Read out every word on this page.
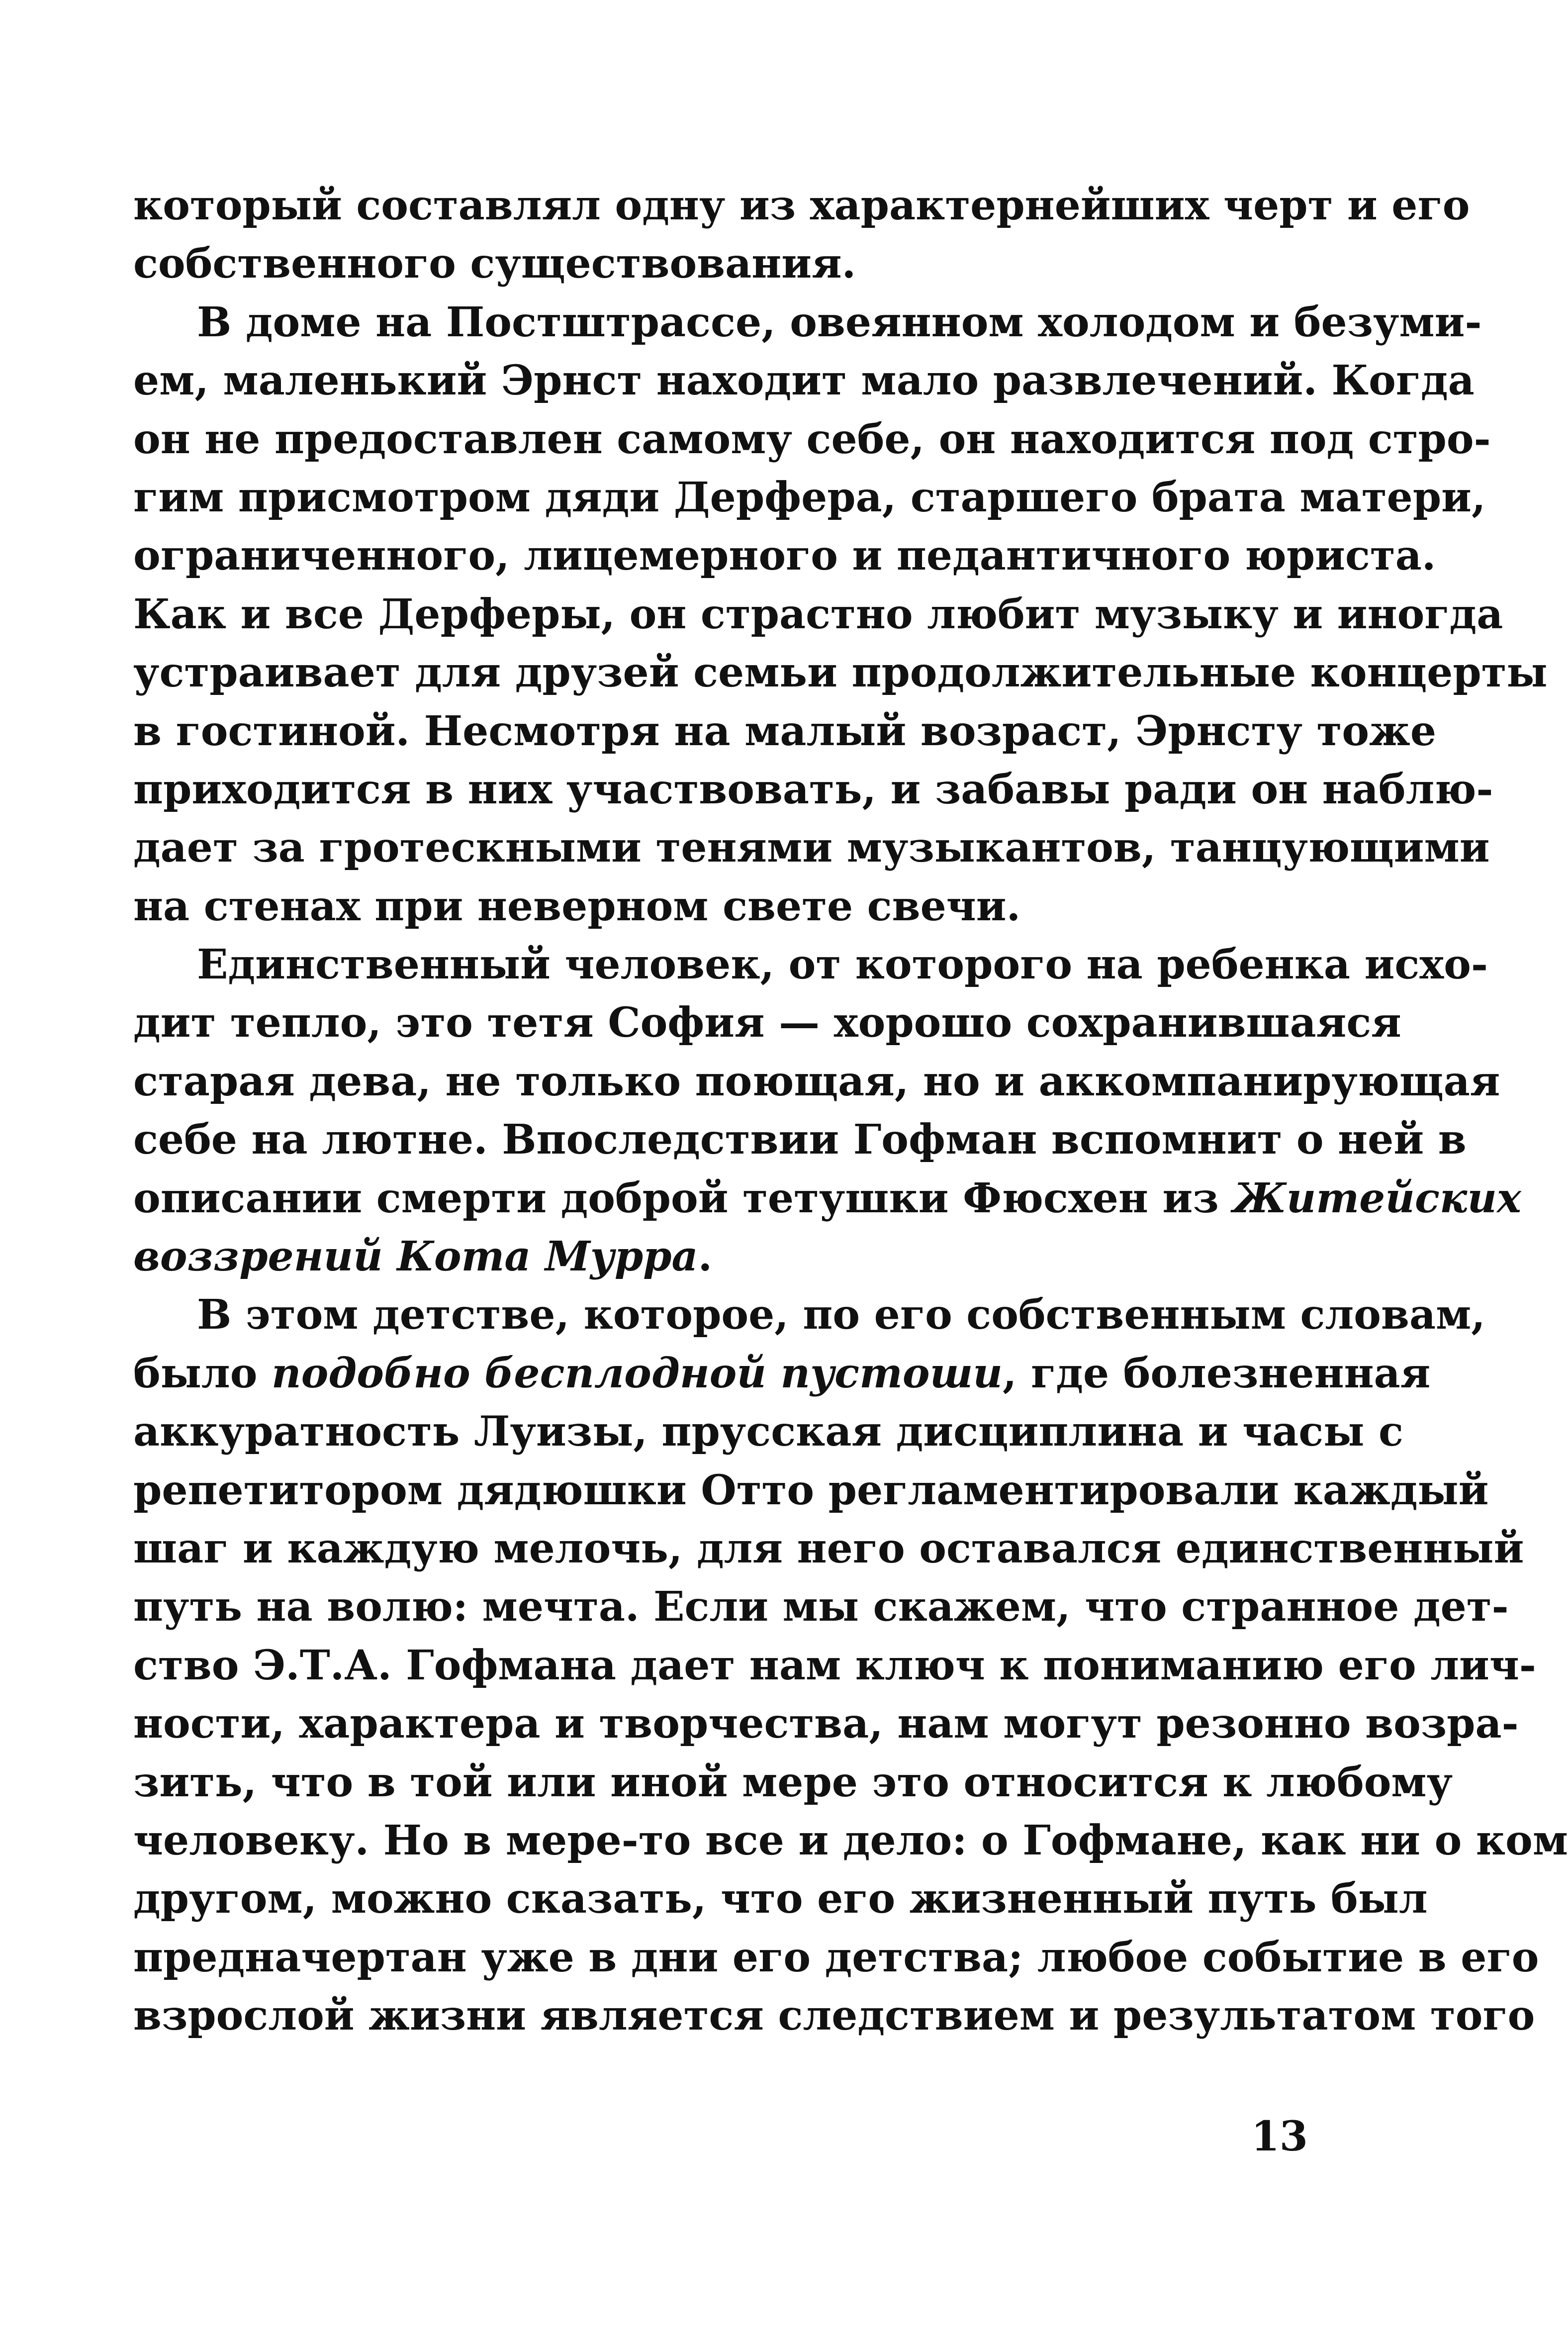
который составлял одну из характернейших черт и его
собственного существования.
В доме на Постштрассе, овеянном холодом и безуми-
ем, маленький Эрнст находит мало развлечений. Когда
он не предоставлен самому себе, он находится под стро-
гим присмотром дяди Дерфера, старшего брата матери,
ограниченного, лицемерного и педантичного юриста.
Как и все Дерферы, он страстно любит музыку и иногда
устраивает для друзей семьи продолжительные концерты
в гостиной. Несмотря на малый возраст, Эрнсту тоже
приходится в них участвовать, и забавы ради он наблю-
дает за гротескными тенями музыкантов, танцующими
на стенах при неверном свете свечи.
Единственный человек, от которого на ребенка исхо-
дит тепло, это тетя София — хорошо сохранившаяся
старая дева, не только поющая, но и аккомпанирующая
себе на лютне. Впоследствии Гофман вспомнит о ней в
описании смерти доброй тетушки Фюсхен из Житейских
воззрений Кота Мурра.
В этом детстве, которое, по его собственным словам,
было подобно бесплодной пустоши, где болезненная
аккуратность Луизы, прусская дисциплина и часы с
репетитором дядюшки Отто регламентировали каждый
шаг и каждую мелочь, для него оставался единственный
путь на волю: мечта. Если мы скажем, что странное дет-
ство Э.Т.А. Гофмана дает нам ключ к пониманию его лич-
ности, характера и творчества, нам могут резонно возра-
зить, что в той или иной мере это относится к любому
человеку. Но в мере-то все и дело: о Гофмане, как ни о ком
другом, можно сказать, что его жизненный путь был
предначертан уже в дни его детства; любое событие в его
взрослой жизни является следствием и результатом того
13
